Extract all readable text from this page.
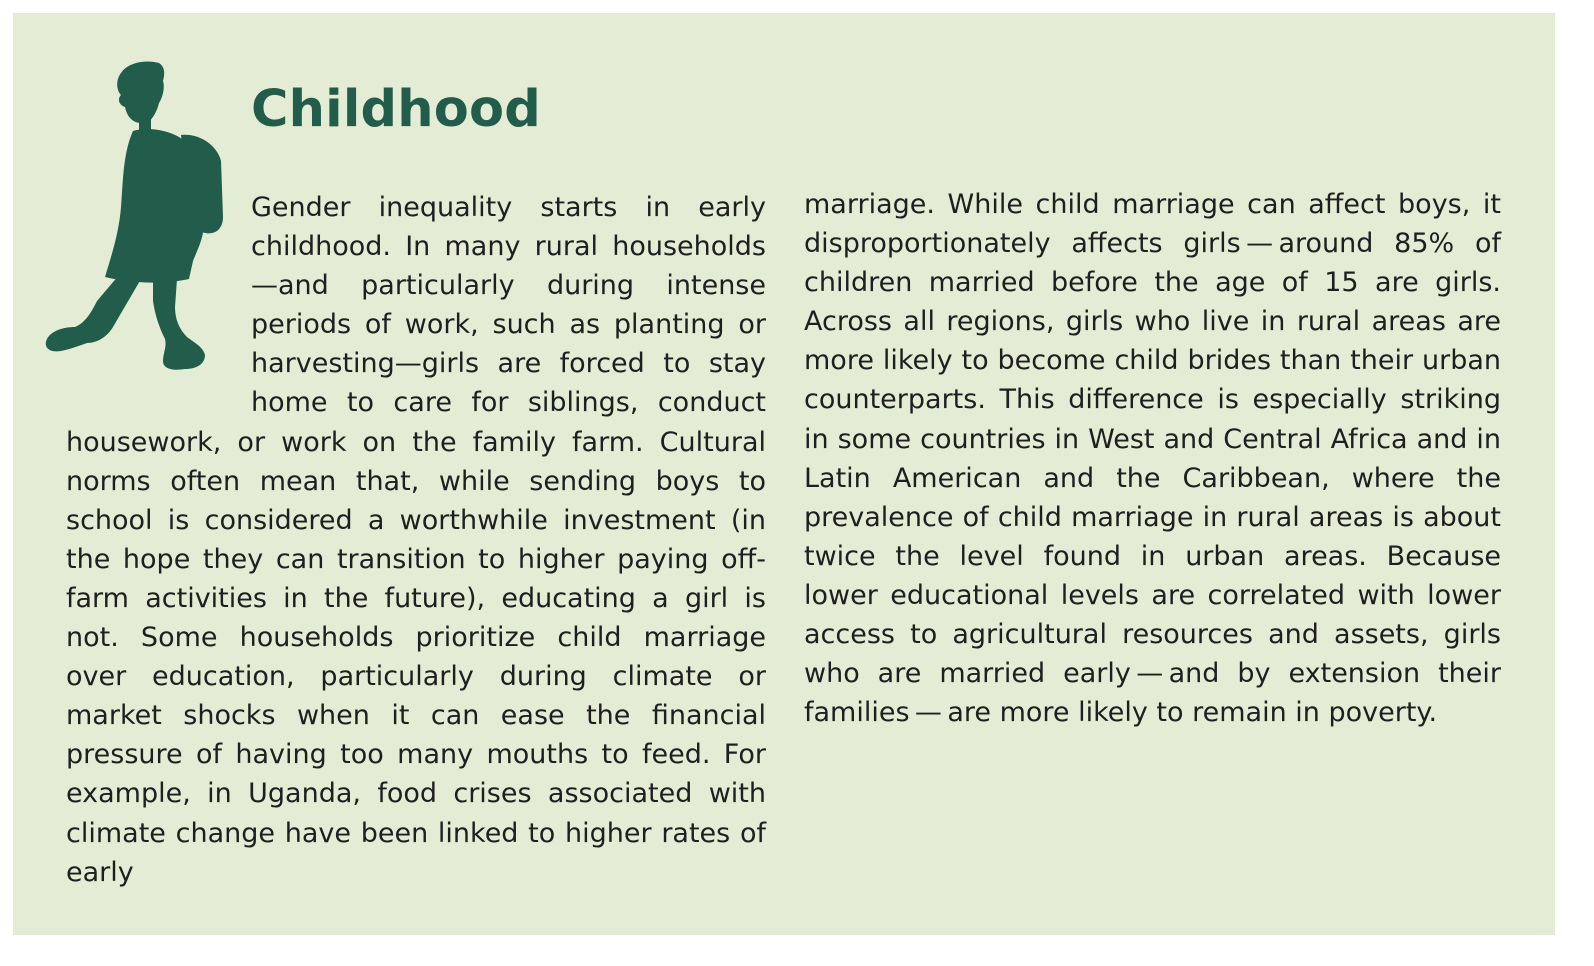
Childhood

Gender inequality starts in early childhood. In many rural households—and particularly during intense periods of work, such as planting or harvesting—girls are forced to stay home to care for siblings, conduct housework, or work on the family farm. Cultural norms often mean that, while sending boys to school is considered a worthwhile investment (in the hope they can transition to higher paying off-farm activities in the future), educating a girl is not. Some households prioritize child marriage over education, particularly during climate or market shocks when it can ease the financial pressure of having too many mouths to feed. For example, in Uganda, food crises associated with climate change have been linked to higher rates of early

marriage. While child marriage can affect boys, it disproportionately affects girls — around 85% of children married before the age of 15 are girls. Across all regions, girls who live in rural areas are more likely to become child brides than their urban counterparts. This difference is especially striking in some countries in West and Central Africa and in Latin American and the Caribbean, where the prevalence of child marriage in rural areas is about twice the level found in urban areas. Because lower educational levels are correlated with lower access to agricultural resources and assets, girls who are married early — and by extension their families — are more likely to remain in poverty.
